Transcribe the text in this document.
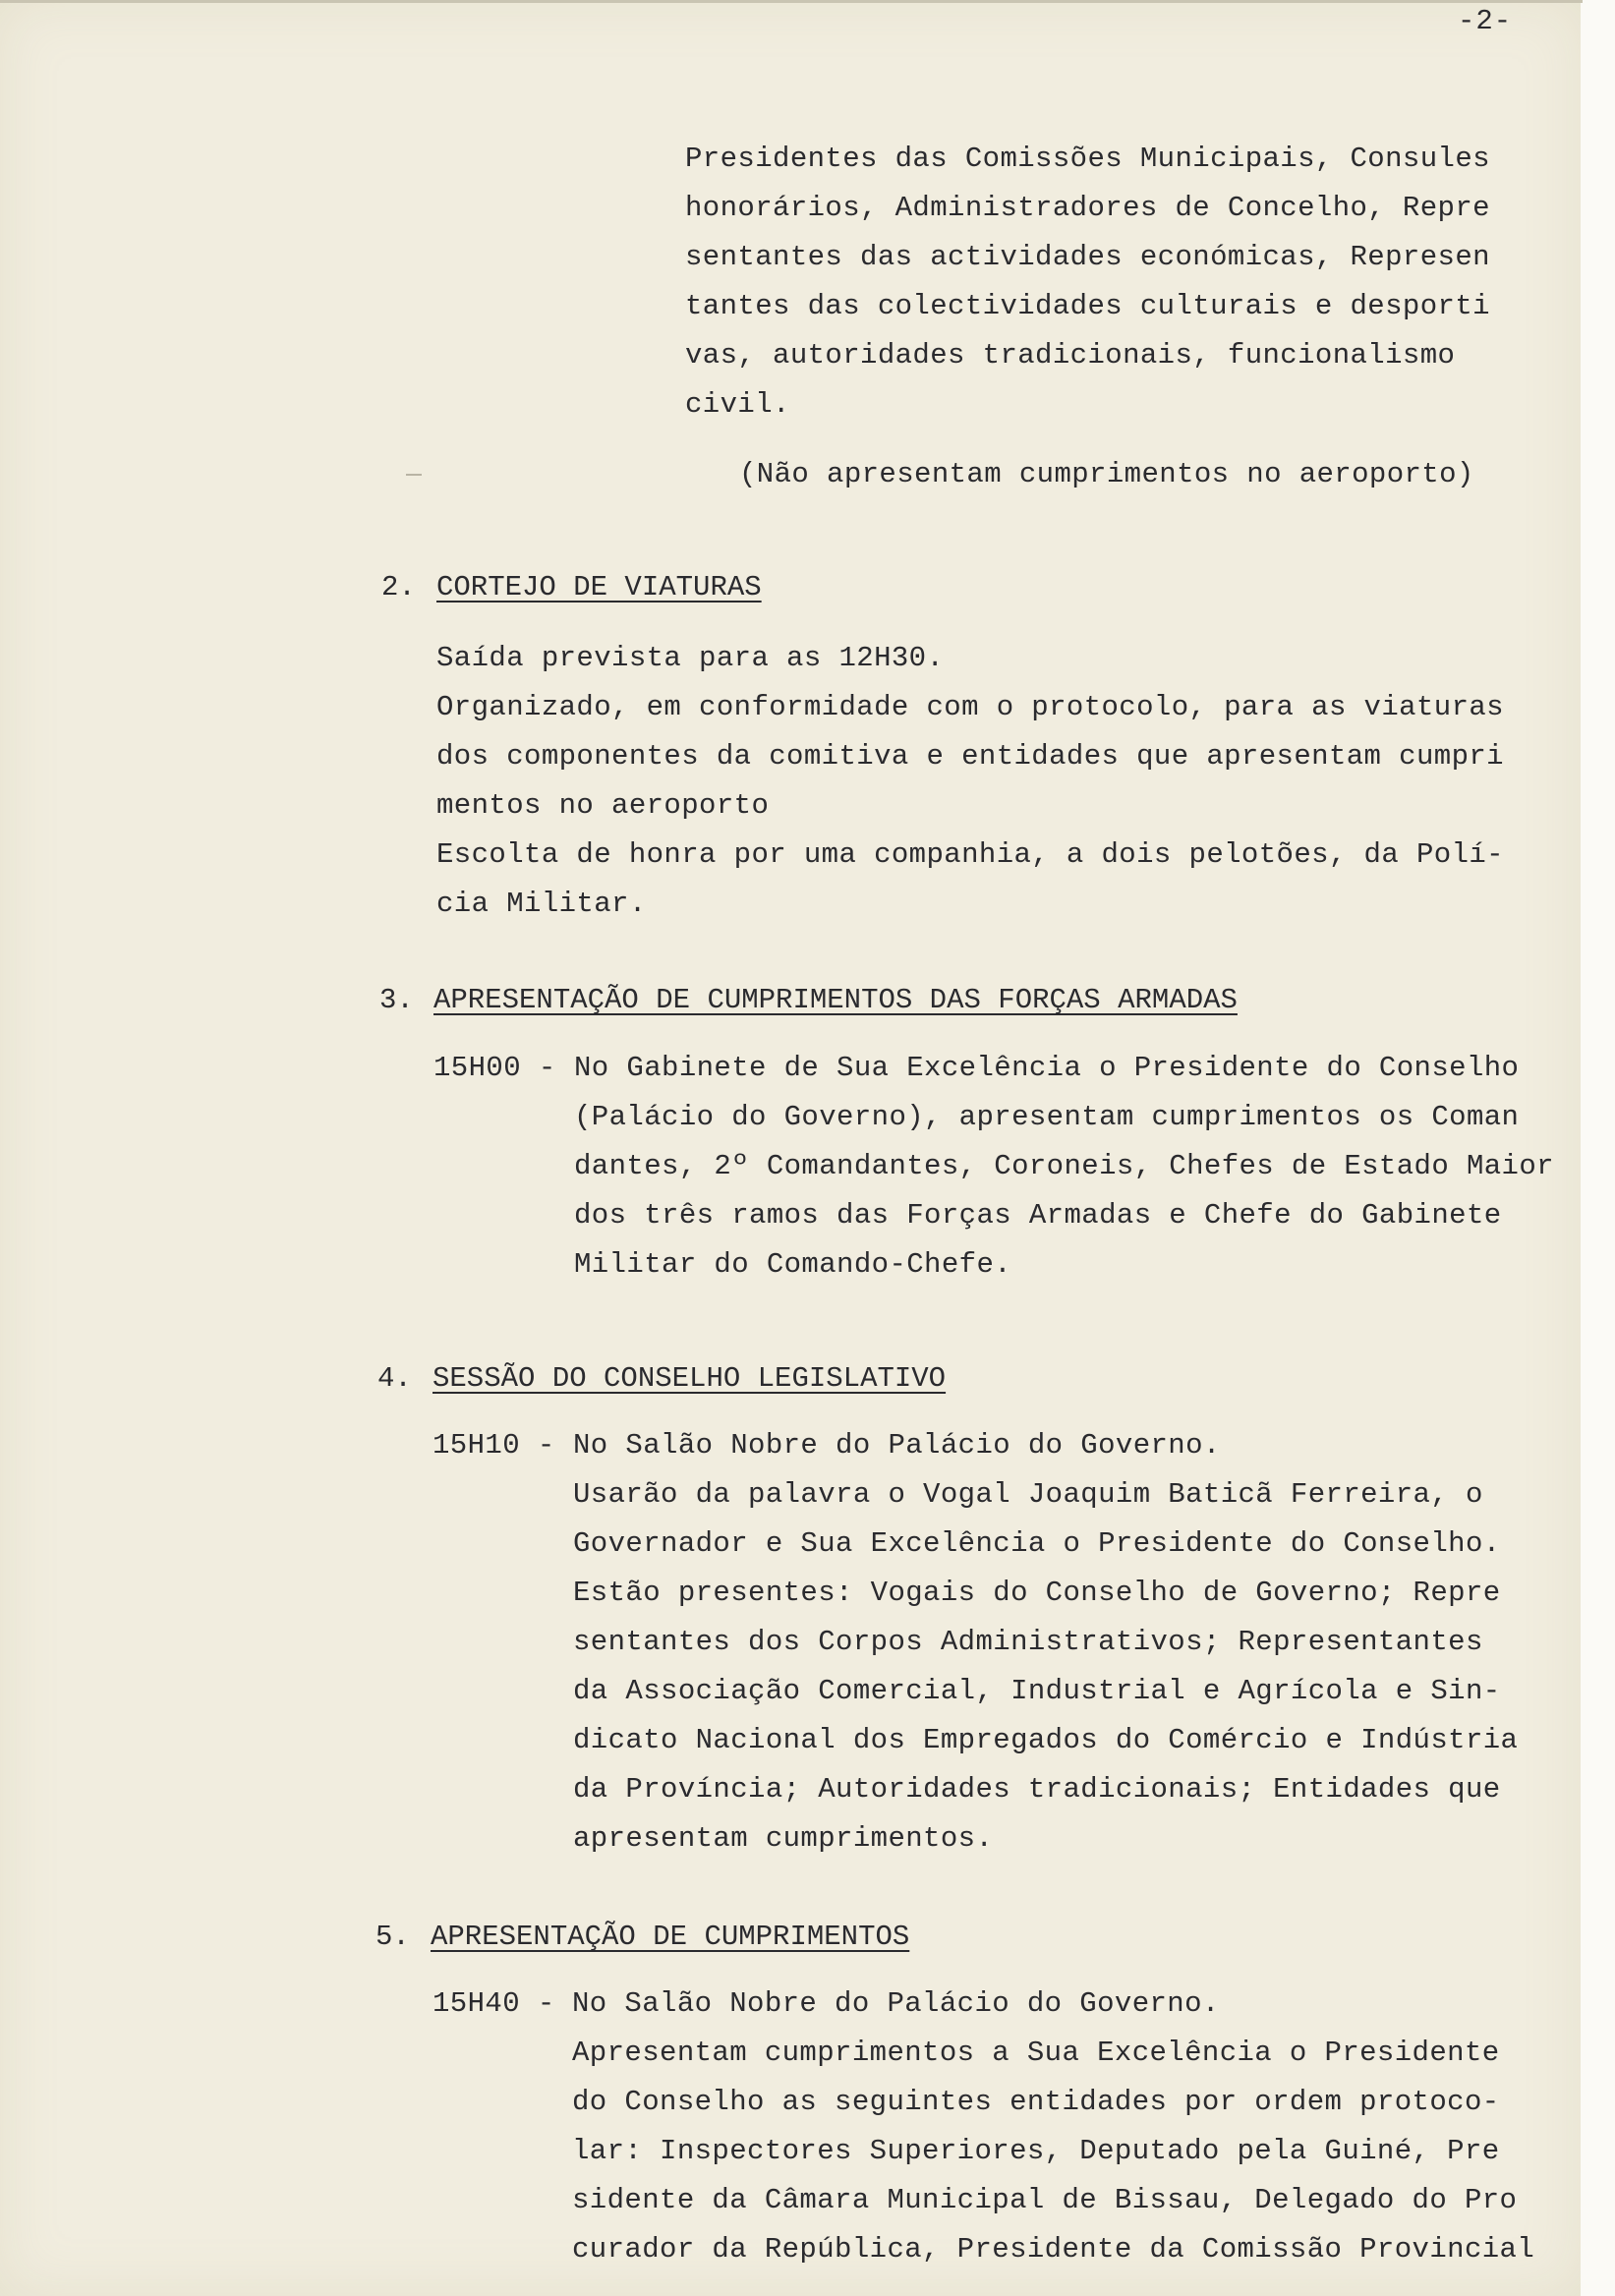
-2-
Presidentes das Comissões Municipais, Consules
honorários, Administradores de Concelho, Repre
sentantes das actividades económicas, Represen
tantes das colectividades culturais e desporti
vas, autoridades tradicionais, funcionalismo
civil.
(Não apresentam cumprimentos no aeroporto)
2. CORTEJO DE VIATURAS
Saída prevista para as 12H30.
Organizado, em conformidade com o protocolo, para as viaturas
dos componentes da comitiva e entidades que apresentam cumpri
mentos no aeroporto
Escolta de honra por uma companhia, a dois pelotões, da Polí-
cia Militar.
3. APRESENTAÇÃO DE CUMPRIMENTOS DAS FORÇAS ARMADAS
15H00 - No Gabinete de Sua Excelência o Presidente do Conselho
(Palácio do Governo), apresentam cumprimentos os Coman
dantes, 2º Comandantes, Coroneis, Chefes de Estado Maior
dos três ramos das Forças Armadas e Chefe do Gabinete
Militar do Comando-Chefe.
4. SESSÃO DO CONSELHO LEGISLATIVO
15H10 - No Salão Nobre do Palácio do Governo.
Usarão da palavra o Vogal Joaquim Baticã Ferreira, o
Governador e Sua Excelência o Presidente do Conselho.
Estão presentes: Vogais do Conselho de Governo; Repre
sentantes dos Corpos Administrativos; Representantes
da Associação Comercial, Industrial e Agrícola e Sin-
dicato Nacional dos Empregados do Comércio e Indústria
da Província; Autoridades tradicionais; Entidades que
apresentam cumprimentos.
5. APRESENTAÇÃO DE CUMPRIMENTOS
15H40 - No Salão Nobre do Palácio do Governo.
Apresentam cumprimentos a Sua Excelência o Presidente
do Conselho as seguintes entidades por ordem protoco-
lar: Inspectores Superiores, Deputado pela Guiné, Pre
sidente da Câmara Municipal de Bissau, Delegado do Pro
curador da República, Presidente da Comissão Provincial
